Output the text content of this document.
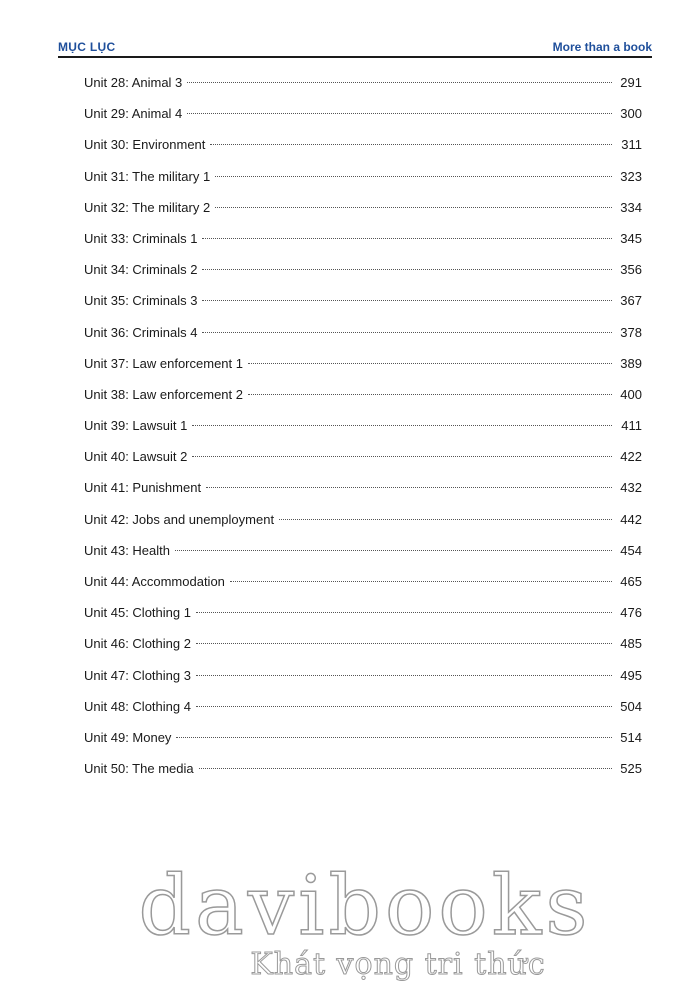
MỤC LỤC	More than a book
Unit 28: Animal 3	291
Unit 29: Animal 4	300
Unit 30: Environment	311
Unit 31: The military 1	323
Unit 32: The military 2	334
Unit 33: Criminals 1	345
Unit 34: Criminals 2	356
Unit 35: Criminals 3	367
Unit 36: Criminals 4	378
Unit 37: Law enforcement 1	389
Unit 38: Law enforcement 2	400
Unit 39: Lawsuit 1	411
Unit 40: Lawsuit 2	422
Unit 41: Punishment	432
Unit 42: Jobs and unemployment	442
Unit 43: Health	454
Unit 44: Accommodation	465
Unit 45: Clothing 1	476
Unit 46: Clothing 2	485
Unit 47: Clothing 3	495
Unit 48: Clothing 4	504
Unit 49: Money	514
Unit 50: The media	525
davibooks
Khát vọng tri thức
